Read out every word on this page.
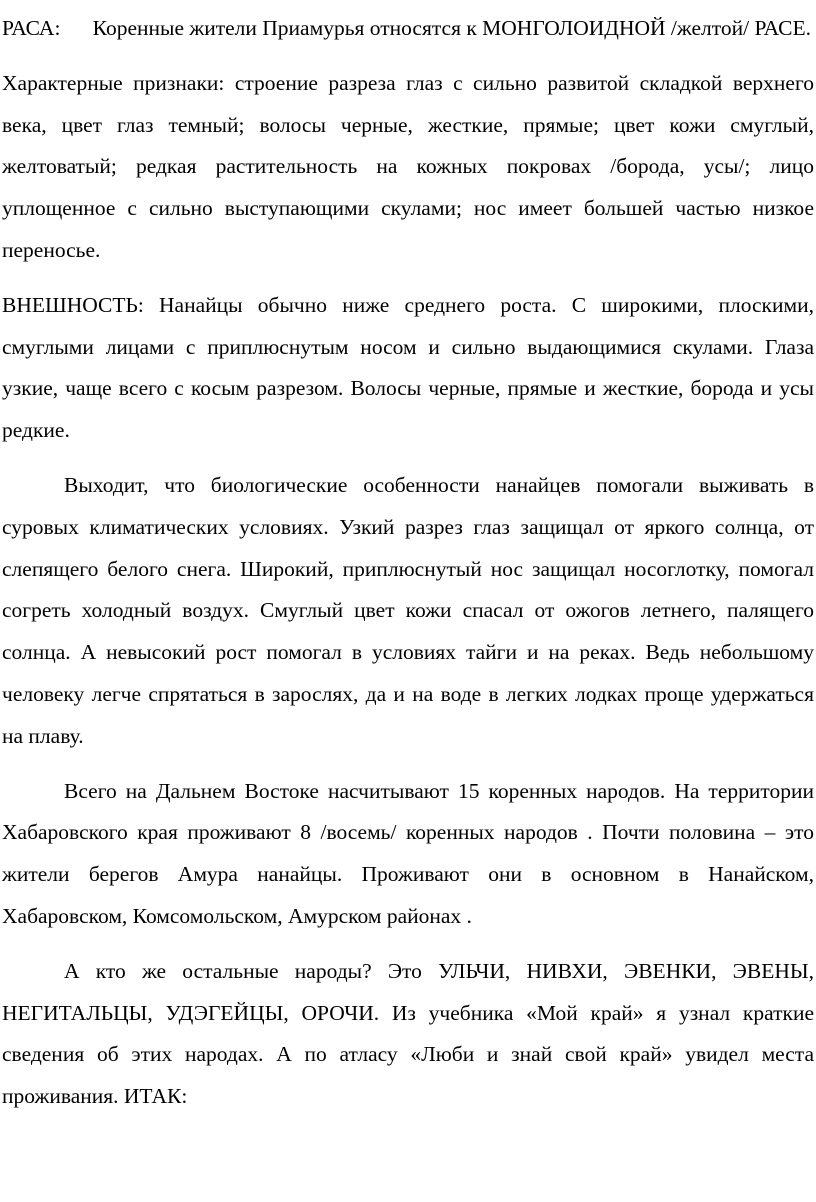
РАСА:      Коренные жители Приамурья относятся к МОНГОЛОИДНОЙ /желтой/ РАСЕ.

Характерные признаки: строение разреза глаз с сильно развитой складкой верхнего века, цвет глаз темный; волосы черные, жесткие, прямые; цвет кожи смуглый, желтоватый; редкая растительность на кожных покровах /борода, усы/; лицо уплощенное с сильно выступающими скулами; нос имеет большей частью низкое переносье.

ВНЕШНОСТЬ: Нанайцы обычно ниже среднего роста. С широкими, плоскими, смуглыми лицами с приплюснутым носом и сильно выдающимися скулами. Глаза узкие, чаще всего с косым разрезом. Волосы черные, прямые и жесткие, борода и усы редкие.

Выходит, что биологические особенности нанайцев помогали выживать в суровых климатических условиях. Узкий разрез глаз защищал от яркого солнца, от слепящего белого снега. Широкий, приплюснутый нос защищал носоглотку, помогал согреть холодный воздух. Смуглый цвет кожи спасал от ожогов летнего, палящего солнца. А невысокий рост помогал в условиях тайги и на реках. Ведь небольшому человеку легче спрятаться в зарослях, да и на воде в легких лодках проще удержаться на плаву.

Всего на Дальнем Востоке насчитывают 15 коренных народов. На территории Хабаровского края проживают 8 /восемь/ коренных народов . Почти половина – это жители берегов Амура нанайцы. Проживают они в основном в Нанайском, Хабаровском, Комсомольском, Амурском районах .

А кто же остальные народы? Это УЛЬЧИ, НИВХИ, ЭВЕНКИ, ЭВЕНЫ, НЕГИТАЛЬЦЫ, УДЭГЕЙЦЫ, ОРОЧИ. Из учебника «Мой край» я узнал краткие сведения об этих народах. А по атласу «Люби и знай свой край» увидел места проживания. ИТАК:
